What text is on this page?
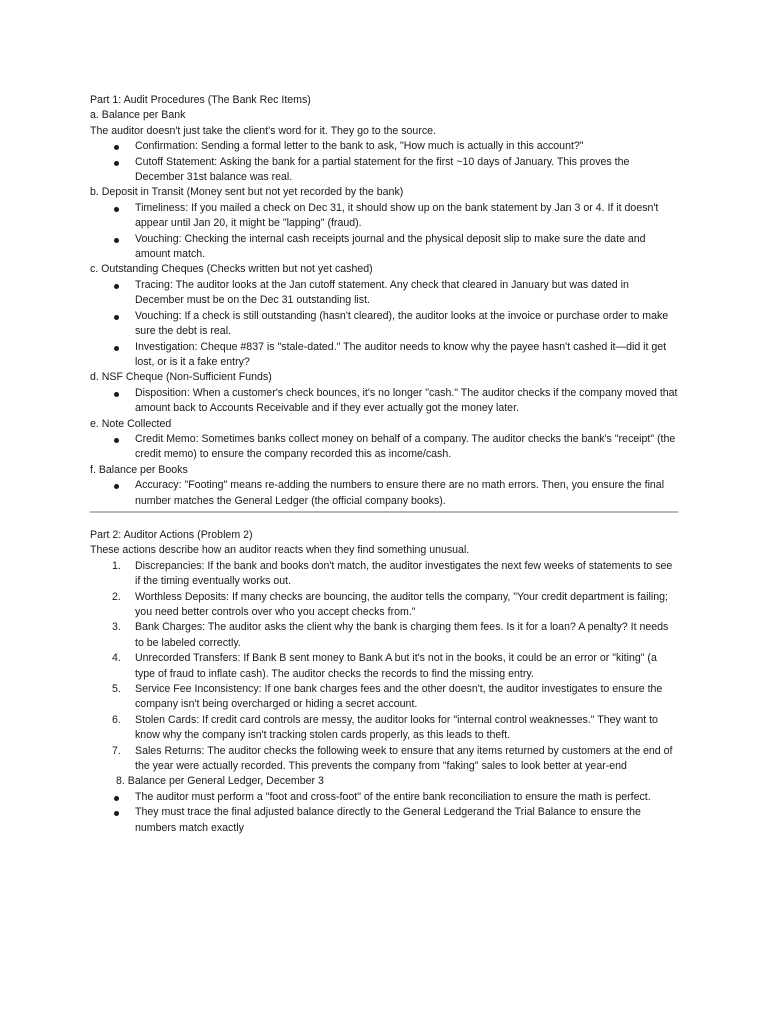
Part 1: Audit Procedures (The Bank Rec Items)

a. Balance per Bank

The auditor doesn't just take the client's word for it. They go to the source.

Confirmation: Sending a formal letter to the bank to ask, "How much is actually in this account?"
Cutoff Statement: Asking the bank for a partial statement for the first ~10 days of January. This proves the December 31st balance was real.

b. Deposit in Transit (Money sent but not yet recorded by the bank)

Timeliness: If you mailed a check on Dec 31, it should show up on the bank statement by Jan 3 or 4. If it doesn't appear until Jan 20, it might be "lapping" (fraud).
Vouching: Checking the internal cash receipts journal and the physical deposit slip to make sure the date and amount match.

c. Outstanding Cheques (Checks written but not yet cashed)

Tracing: The auditor looks at the Jan cutoff statement. Any check that cleared in January but was dated in December must be on the Dec 31 outstanding list.
Vouching: If a check is still outstanding (hasn't cleared), the auditor looks at the invoice or purchase order to make sure the debt is real.
Investigation: Cheque #837 is "stale-dated." The auditor needs to know why the payee hasn't cashed it—did it get lost, or is it a fake entry?

d. NSF Cheque (Non-Sufficient Funds)

Disposition: When a customer's check bounces, it's no longer "cash." The auditor checks if the company moved that amount back to Accounts Receivable and if they ever actually got the money later.

e. Note Collected

Credit Memo: Sometimes banks collect money on behalf of a company. The auditor checks the bank's "receipt" (the credit memo) to ensure the company recorded this as income/cash.

f. Balance per Books

Accuracy: "Footing" means re-adding the numbers to ensure there are no math errors. Then, you ensure the final number matches the General Ledger (the official company books).

Part 2: Auditor Actions (Problem 2)

These actions describe how an auditor reacts when they find something unusual.

1.	Discrepancies: If the bank and books don't match, the auditor investigates the next few weeks of statements to see if the timing eventually works out.
2.	Worthless Deposits: If many checks are bouncing, the auditor tells the company, "Your credit department is failing; you need better controls over who you accept checks from."
3.	Bank Charges: The auditor asks the client why the bank is charging them fees. Is it for a loan? A penalty? It needs to be labeled correctly.
4.	Unrecorded Transfers: If Bank B sent money to Bank A but it's not in the books, it could be an error or "kiting" (a type of fraud to inflate cash). The auditor checks the records to find the missing entry.
5.	Service Fee Inconsistency: If one bank charges fees and the other doesn't, the auditor investigates to ensure the company isn't being overcharged or hiding a secret account.
6.	Stolen Cards: If credit card controls are messy, the auditor looks for "internal control weaknesses." They want to know why the company isn't tracking stolen cards properly, as this leads to theft.
7.	Sales Returns: The auditor checks the following week to ensure that any items returned by customers at the end of the year were actually recorded. This prevents the company from "faking" sales to look better at year-end

8. Balance per General Ledger, December 3

The auditor must perform a "foot and cross-foot" of the entire bank reconciliation to ensure the math is perfect.
They must trace the final adjusted balance directly to the General Ledgerand the Trial Balance to ensure the numbers match exactly
